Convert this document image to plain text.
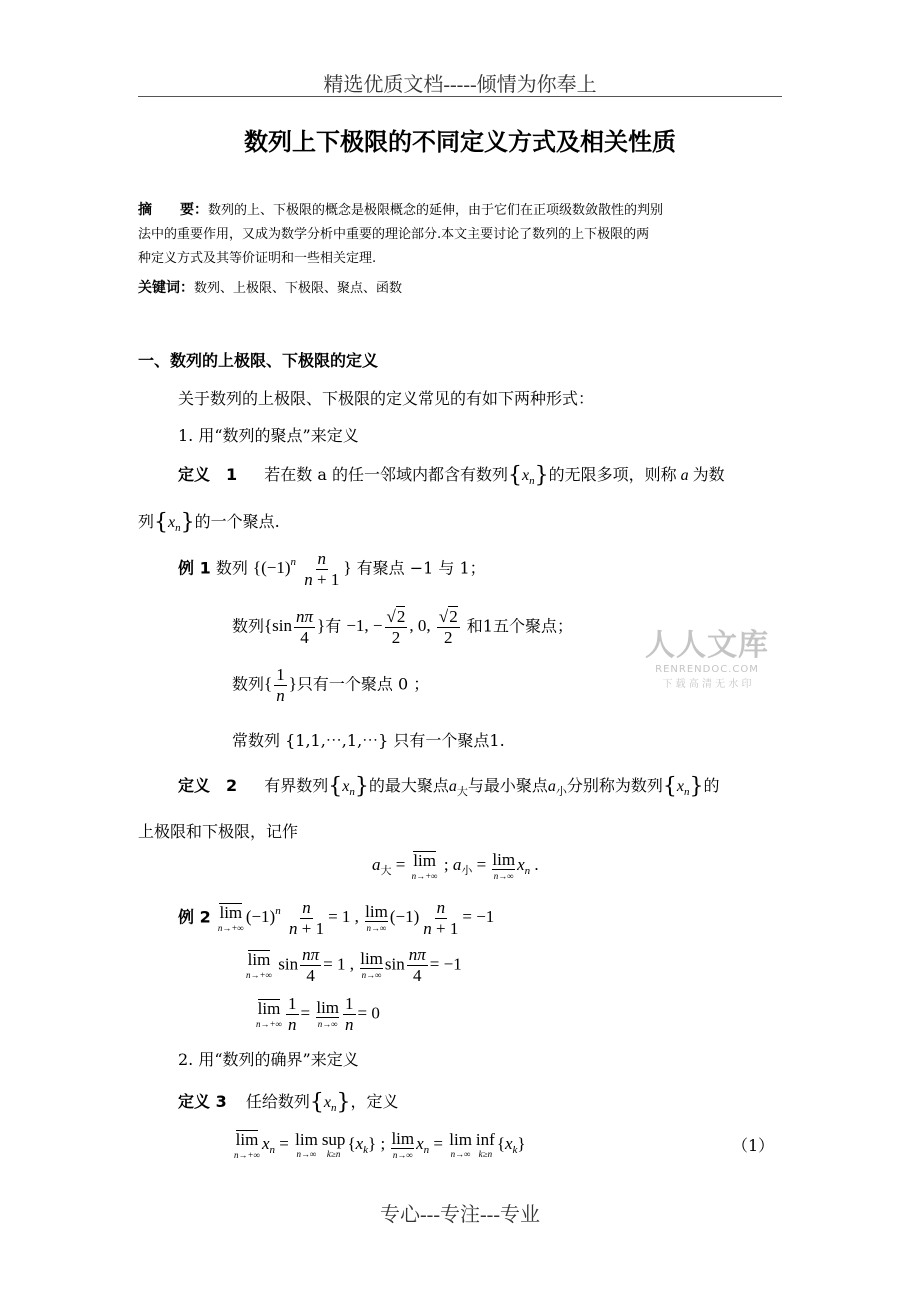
精选优质文档-----倾情为你奉上
数列上下极限的不同定义方式及相关性质
摘　　要：数列的上、下极限的概念是极限概念的延伸，由于它们在正项级数敛散性的判别
法中的重要作用，又成为数学分析中重要的理论部分.本文主要讨论了数列的上下极限的两
种定义方式及其等价证明和一些相关定理.
关键词：数列、上极限、下极限、聚点、函数
一、数列的上极限、下极限的定义
关于数列的上极限、下极限的定义常见的有如下两种形式：
1. 用“数列的聚点”来定义
定义　1 若在数 a 的任一邻域内都含有数列$\{x_n\}$的无限多项，则称 a 为数
列$\{x_n\}$的一个聚点.
例 1 数列 {$(-1)^n \frac{n}{n + 1}$ } 有聚点 −1 与 1；
数列{$\sin \frac{n\pi}{4}$ }有 −1, − $\frac{√2}{2}$ , 0, $\frac{√2}{2}$ 和1五个聚点；
数列{ $\frac{1}{n}$ }只有一个聚点 0 ；
常数列 {1,1,⋯,1,⋯} 只有一个聚点1.
人人文库
RENRENDOC.COM
下 载 高 清 无 水 印
定义　2 有界数列$\{x_n\}$的最大聚点$a_大$与最小聚点$a_小$分别称为数列$\{x_n\}$的
上极限和下极限，记作
$a_大 = \lim$
n→+∞
; $a_小 = \lim$
n→∞
$x_n$ .
例 2 lim
n→+∞
$(-1)^n \frac{n}{n + 1} = 1$ , lim
n→∞
$(-1) \frac{n}{n + 1} = -1$
lim
n→+∞
$\sin \frac{n\pi}{4} = 1$ , lim
n→∞
$\sin \frac{n\pi}{4} = -1$
lim
$n\to+\infty \frac{1}{n} = \lim$
$n\to\infty \frac{1}{n} = 0$
2. 用“数列的确界”来定义
定义 3 任给数列$\{x_n\}$，定义
lim
n→+∞
$x_n = \lim$
n→∞
sup
k≥n
$\{x_k\}$ ; lim
n→∞
$x_n = \lim$
n→∞
inf
k≥n
$\{x_k\}$	（1）
专心---专注---专业
